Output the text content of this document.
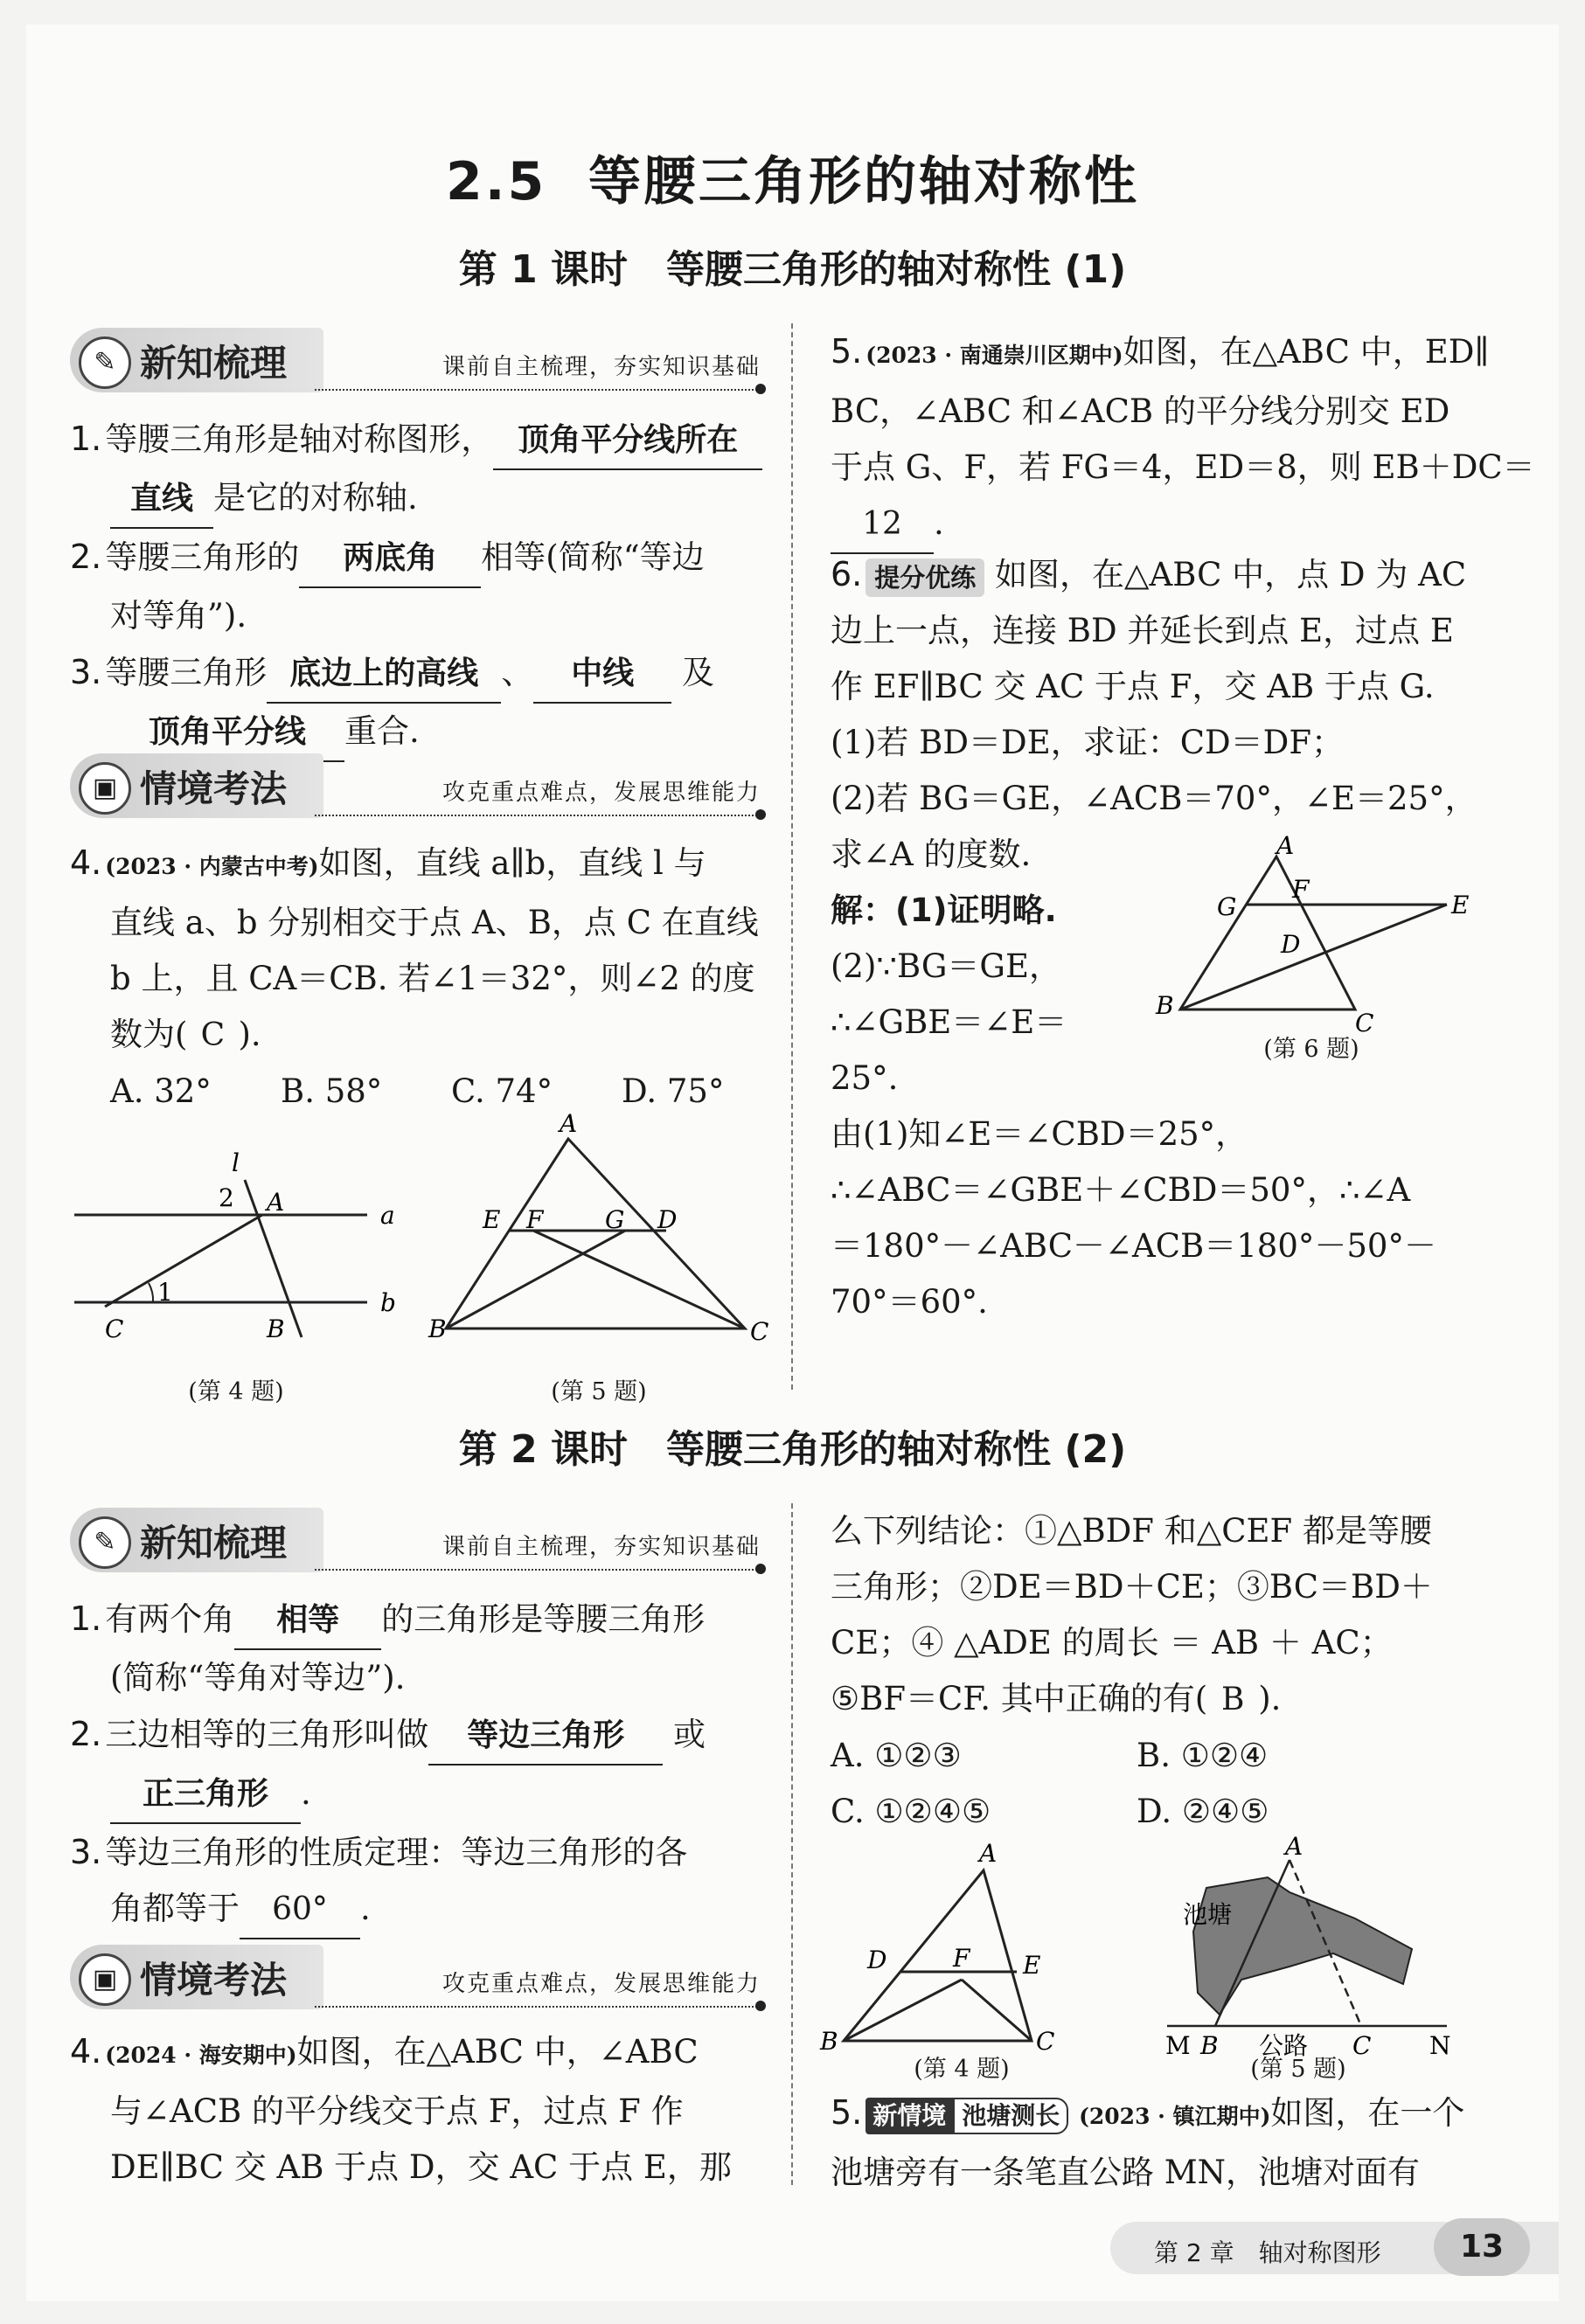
2.5 等腰三角形的轴对称性
第 1 课时　等腰三角形的轴对称性 (1)
✎ 新知梳理	课前自主梳理，夯实知识基础
1. 等腰三角形是轴对称图形， 顶角平分线所在
直线 是它的对称轴.
2. 等腰三角形的 两底角 相等(简称“等边
对等角”).
3. 等腰三角形 底边上的高线 、 中线 及
顶角平分线 重合.
▣ 情境考法	攻克重点难点，发展思维能力
4. (2023 · 内蒙古中考)如图，直线 a∥b，直线 l 与
直线 a、b 分别相交于点 A、B，点 C 在直线
b 上，且 CA＝CB. 若∠1＝32°，则∠2 的度
数为( C ).
A. 32° B. 58° C. 74° D. 75°
a
b
l
A
B
C
2
1
(第 4 题)
A
B	C
E F	G D
(第 5 题)
5. (2023 · 南通崇川区期中)如图，在△ABC 中，ED∥
BC，∠ABC 和∠ACB 的平分线分别交 ED
于点 G、F，若 FG＝4，ED＝8，则 EB＋DC＝
12 .
6. 提分优练 如图，在△ABC 中，点 D 为 AC
边上一点，连接 BD 并延长到点 E，过点 E
作 EF∥BC 交 AC 于点 F，交 AB 于点 G.
(1)若 BD＝DE，求证：CD＝DF；
(2)若 BG＝GE，∠ACB＝70°，∠E＝25°，
求∠A 的度数.
解：(1)证明略.
(2)∵BG＝GE，
∴∠GBE＝∠E＝
25°.
由(1)知∠E＝∠CBD＝25°，
∴∠ABC＝∠GBE＋∠CBD＝50°，∴∠A
＝180°－∠ABC－∠ACB＝180°－50°－
70°＝60°.
A
G
F
D
E
B
C
(第 6 题)
第 2 课时　等腰三角形的轴对称性 (2)
✎ 新知梳理	课前自主梳理，夯实知识基础
1. 有两个角 相等 的三角形是等腰三角形
(简称“等角对等边”).
2. 三边相等的三角形叫做 等边三角形 或
正三角形 .
3. 等边三角形的性质定理：等边三角形的各
角都等于 60° .
▣ 情境考法	攻克重点难点，发展思维能力
4. (2024 · 海安期中)如图，在△ABC 中，∠ABC
与∠ACB 的平分线交于点 F，过点 F 作
DE∥BC 交 AB 于点 D，交 AC 于点 E，那
么下列结论：①△BDF 和△CEF 都是等腰
三角形；②DE＝BD＋CE；③BC＝BD＋
CE；④ △ADE 的周长 ＝ AB ＋ AC；
⑤BF＝CF. 其中正确的有( B ).
A. ①②③	B. ①②④
C. ①②④⑤	D. ②④⑤
A
B	C
D	F E
(第 4 题)
A
M B	C N
池塘
公路
(第 5 题)
5. 新情境 池塘测长 (2023 · 镇江期中)如图，在一个
池塘旁有一条笔直公路 MN，池塘对面有
第 2 章　轴对称图形	13
